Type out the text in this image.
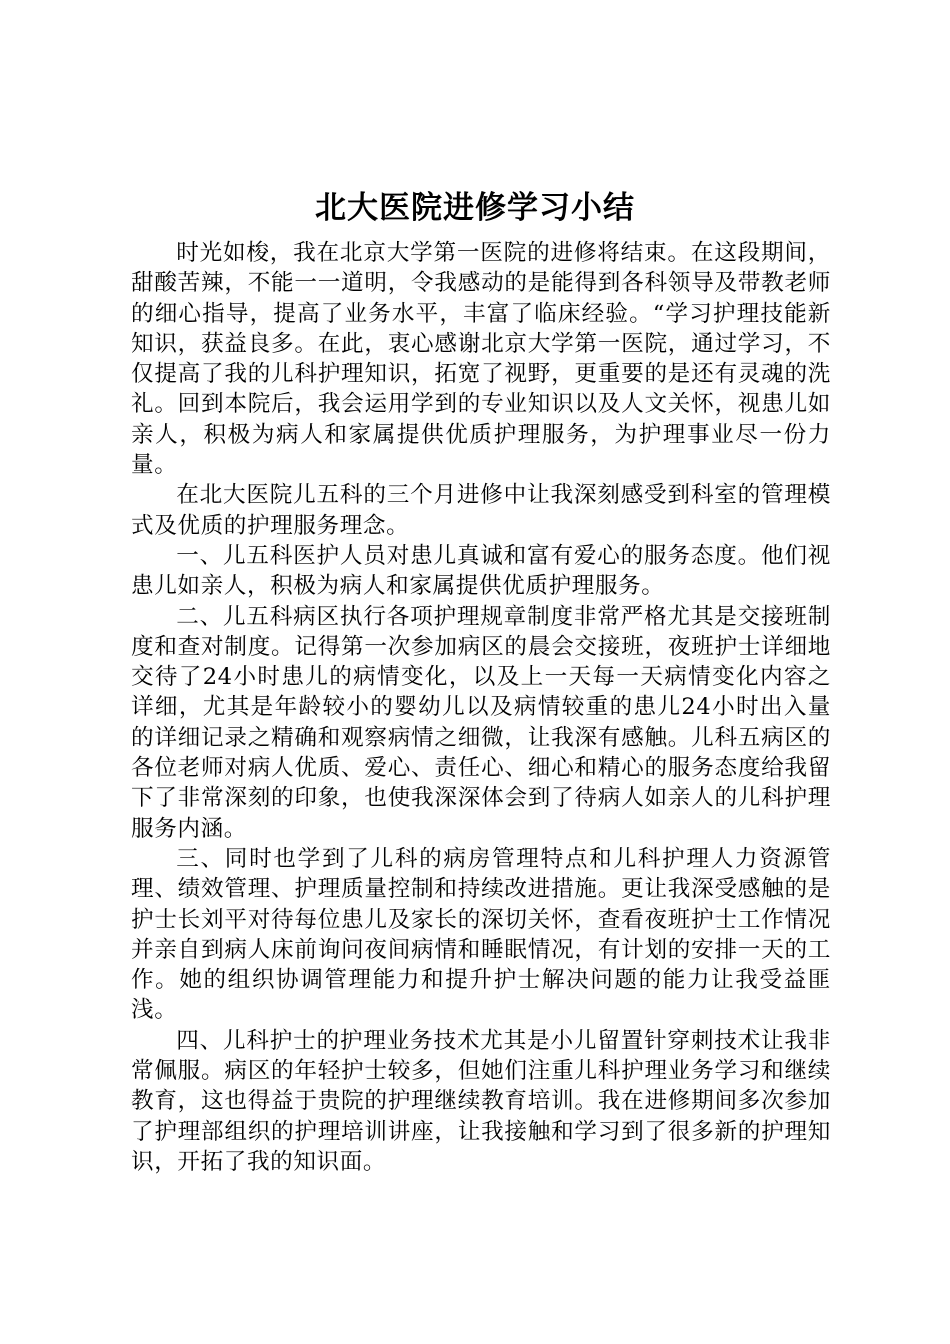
北大医院进修学习小结

时光如梭，我在北京大学第一医院的进修将结束。在这段期间，甜酸苦辣，不能一一道明，令我感动的是能得到各科领导及带教老师的细心指导，提高了业务水平，丰富了临床经验。“学习护理技能新知识，获益良多。在此，衷心感谢北京大学第一医院，通过学习，不仅提高了我的儿科护理知识，拓宽了视野，更重要的是还有灵魂的洗礼。回到本院后，我会运用学到的专业知识以及人文关怀，视患儿如亲人，积极为病人和家属提供优质护理服务，为护理事业尽一份力量。

在北大医院儿五科的三个月进修中让我深刻感受到科室的管理模式及优质的护理服务理念。

一、儿五科医护人员对患儿真诚和富有爱心的服务态度。他们视患儿如亲人，积极为病人和家属提供优质护理服务。

二、儿五科病区执行各项护理规章制度非常严格尤其是交接班制度和查对制度。记得第一次参加病区的晨会交接班，夜班护士详细地交待了24小时患儿的病情变化，以及上一天每一天病情变化内容之详细，尤其是年龄较小的婴幼儿以及病情较重的患儿24小时出入量的详细记录之精确和观察病情之细微，让我深有感触。儿科五病区的各位老师对病人优质、爱心、责任心、细心和精心的服务态度给我留下了非常深刻的印象，也使我深深体会到了待病人如亲人的儿科护理服务内涵。

三、同时也学到了儿科的病房管理特点和儿科护理人力资源管理、绩效管理、护理质量控制和持续改进措施。更让我深受感触的是护士长刘平对待每位患儿及家长的深切关怀，查看夜班护士工作情况并亲自到病人床前询问夜间病情和睡眠情况，有计划的安排一天的工作。她的组织协调管理能力和提升护士解决问题的能力让我受益匪浅。

四、儿科护士的护理业务技术尤其是小儿留置针穿刺技术让我非常佩服。病区的年轻护士较多，但她们注重儿科护理业务学习和继续教育，这也得益于贵院的护理继续教育培训。我在进修期间多次参加了护理部组织的护理培训讲座，让我接触和学习到了很多新的护理知识，开拓了我的知识面。
